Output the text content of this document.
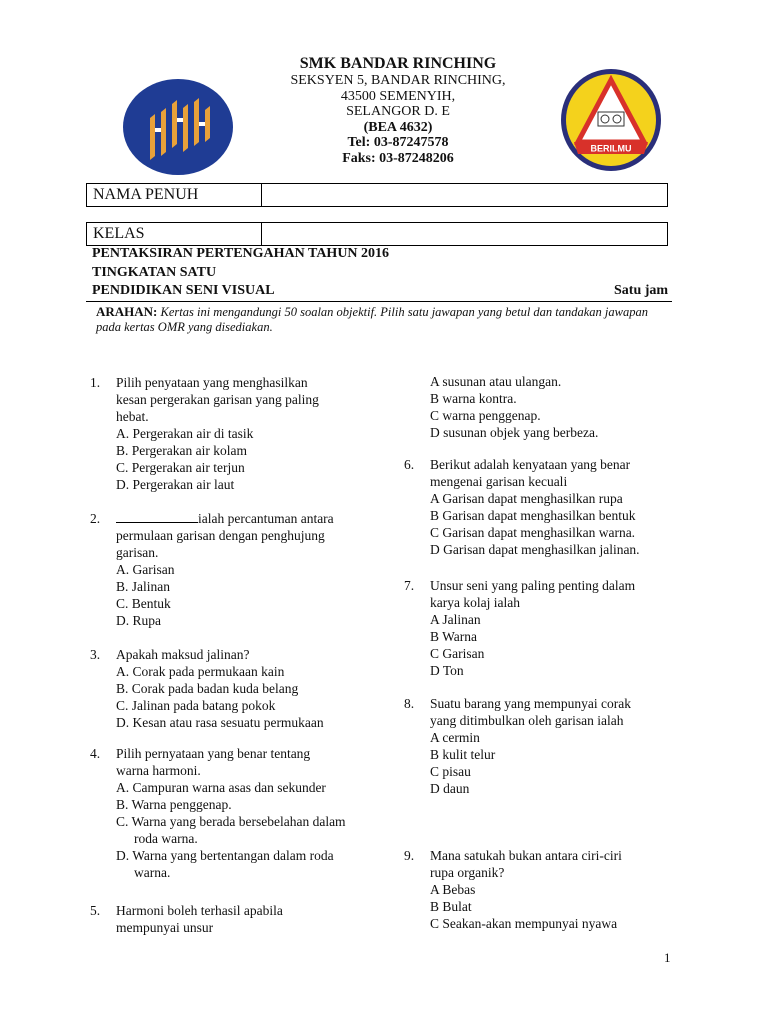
SMK BANDAR RINCHING
SEKSYEN 5, BANDAR RINCHING,
43500 SEMENYIH,
SELANGOR D. E
(BEA 4632)
Tel: 03-87247578
Faks: 03-87248206
BERILMU
NAMA PENUH
KELAS
PENTAKSIRAN PERTENGAHAN TAHUN 2016
TINGKATAN SATU
PENDIDIKAN SENI VISUAL	Satu jam
ARAHAN: Kertas ini mengandungi 50 soalan objektif. Pilih satu jawapan yang betul dan tandakan jawapan pada kertas OMR yang disediakan.
1. Pilih penyataan yang menghasilkan
kesan pergerakan garisan yang paling
hebat.
A. Pergerakan air di tasik
B. Pergerakan air kolam
C. Pergerakan air terjun
D. Pergerakan air laut
2.	ialah percantuman antara
permulaan garisan dengan penghujung
garisan.
A. Garisan
B. Jalinan
C. Bentuk
D. Rupa
3. Apakah maksud jalinan?
A. Corak pada permukaan kain
B. Corak pada badan kuda belang
C. Jalinan pada batang pokok
D. Kesan atau rasa sesuatu permukaan
4. Pilih pernyataan yang benar tentang
warna harmoni.
A. Campuran warna asas dan sekunder
B. Warna penggenap.
C. Warna yang berada bersebelahan dalam roda warna.
D. Warna yang bertentangan dalam roda warna.
5. Harmoni boleh terhasil apabila
mempunyai unsur
A susunan atau ulangan.
B warna kontra.
C warna penggenap.
D susunan objek yang berbeza.
6. Berikut adalah kenyataan yang benar
mengenai garisan kecuali
A Garisan dapat menghasilkan rupa
B Garisan dapat menghasilkan bentuk
C Garisan dapat menghasilkan warna.
D Garisan dapat menghasilkan jalinan.
7. Unsur seni yang paling penting dalam
karya kolaj ialah
A Jalinan
B Warna
C Garisan
D Ton
8. Suatu barang yang mempunyai corak
yang ditimbulkan oleh garisan ialah
A cermin
B kulit telur
C pisau
D daun
9. Mana satukah bukan antara ciri-ciri
rupa organik?
A Bebas
B Bulat
C Seakan-akan mempunyai nyawa
1
